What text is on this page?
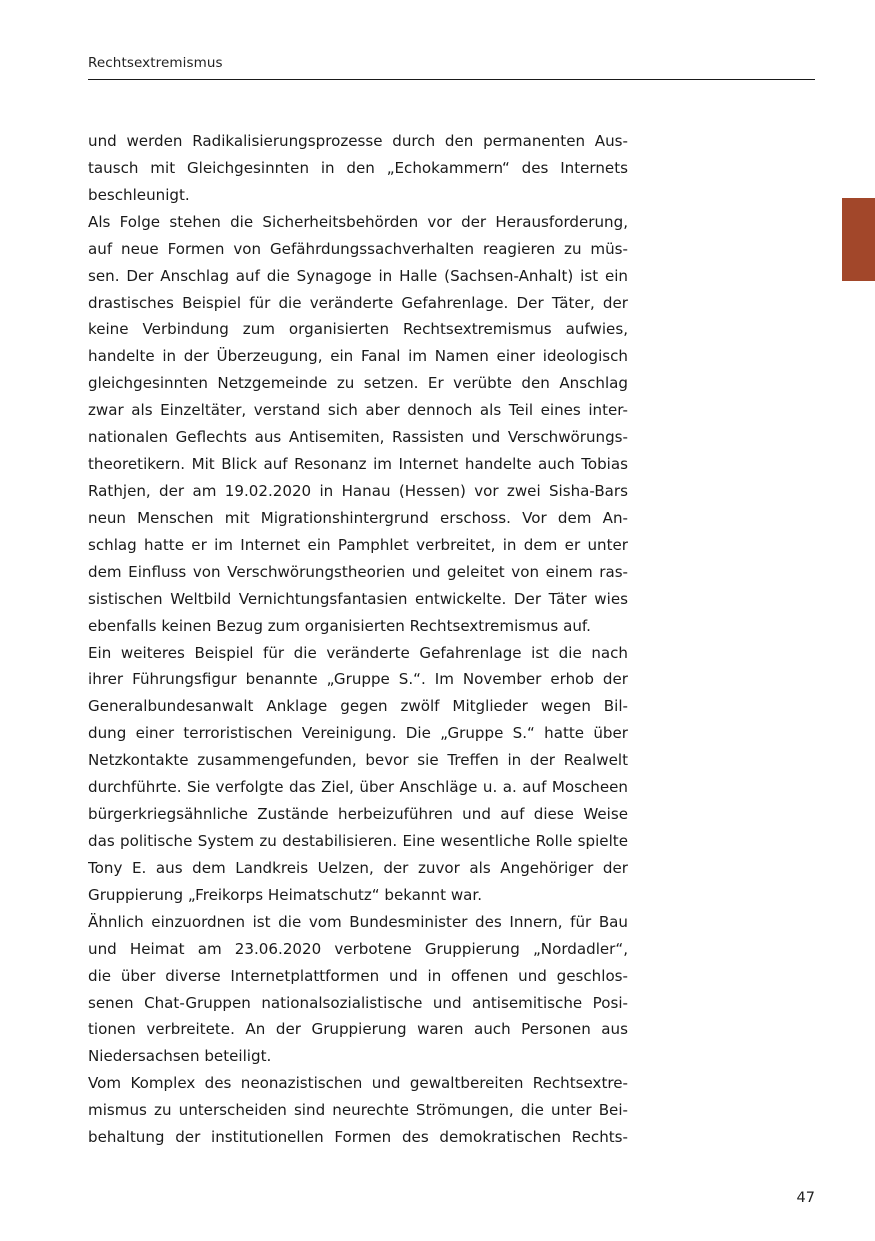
Rechtsextremismus
und werden Radikalisierungsprozesse durch den permanenten Aus-
tausch mit Gleichgesinnten in den „Echokammern“ des Internets
beschleunigt.
Als Folge stehen die Sicherheitsbehörden vor der Herausforderung,
auf neue Formen von Gefährdungssachverhalten reagieren zu müs-
sen. Der Anschlag auf die Synagoge in Halle (Sachsen-Anhalt) ist ein
drastisches Beispiel für die veränderte Gefahrenlage. Der Täter, der
keine Verbindung zum organisierten Rechtsextremismus aufwies,
handelte in der Überzeugung, ein Fanal im Namen einer ideologisch
gleichgesinnten Netzgemeinde zu setzen. Er verübte den Anschlag
zwar als Einzeltäter, verstand sich aber dennoch als Teil eines inter-
nationalen Geflechts aus Antisemiten, Rassisten und Verschwörungs-
theoretikern. Mit Blick auf Resonanz im Internet handelte auch Tobias
Rathjen, der am 19.02.2020 in Hanau (Hessen) vor zwei Sisha-Bars
neun Menschen mit Migrationshintergrund erschoss. Vor dem An-
schlag hatte er im Internet ein Pamphlet verbreitet, in dem er unter
dem Einfluss von Verschwörungstheorien und geleitet von einem ras-
sistischen Weltbild Vernichtungsfantasien entwickelte. Der Täter wies
ebenfalls keinen Bezug zum organisierten Rechtsextremismus auf.
Ein weiteres Beispiel für die veränderte Gefahrenlage ist die nach
ihrer Führungsfigur benannte „Gruppe S.“. Im November erhob der
Generalbundesanwalt Anklage gegen zwölf Mitglieder wegen Bil-
dung einer terroristischen Vereinigung. Die „Gruppe S.“ hatte über
Netzkontakte zusammengefunden, bevor sie Treffen in der Realwelt
durchführte. Sie verfolgte das Ziel, über Anschläge u. a. auf Moscheen
bürgerkriegsähnliche Zustände herbeizuführen und auf diese Weise
das politische System zu destabilisieren. Eine wesentliche Rolle spielte
Tony E. aus dem Landkreis Uelzen, der zuvor als Angehöriger der
Gruppierung „Freikorps Heimatschutz“ bekannt war.
Ähnlich einzuordnen ist die vom Bundesminister des Innern, für Bau
und Heimat am 23.06.2020 verbotene Gruppierung „Nordadler“,
die über diverse Internetplattformen und in offenen und geschlos-
senen Chat-Gruppen nationalsozialistische und antisemitische Posi-
tionen verbreitete. An der Gruppierung waren auch Personen aus
Niedersachsen beteiligt.
Vom Komplex des neonazistischen und gewaltbereiten Rechtsextre-
mismus zu unterscheiden sind neurechte Strömungen, die unter Bei-
behaltung der institutionellen Formen des demokratischen Rechts-
47
